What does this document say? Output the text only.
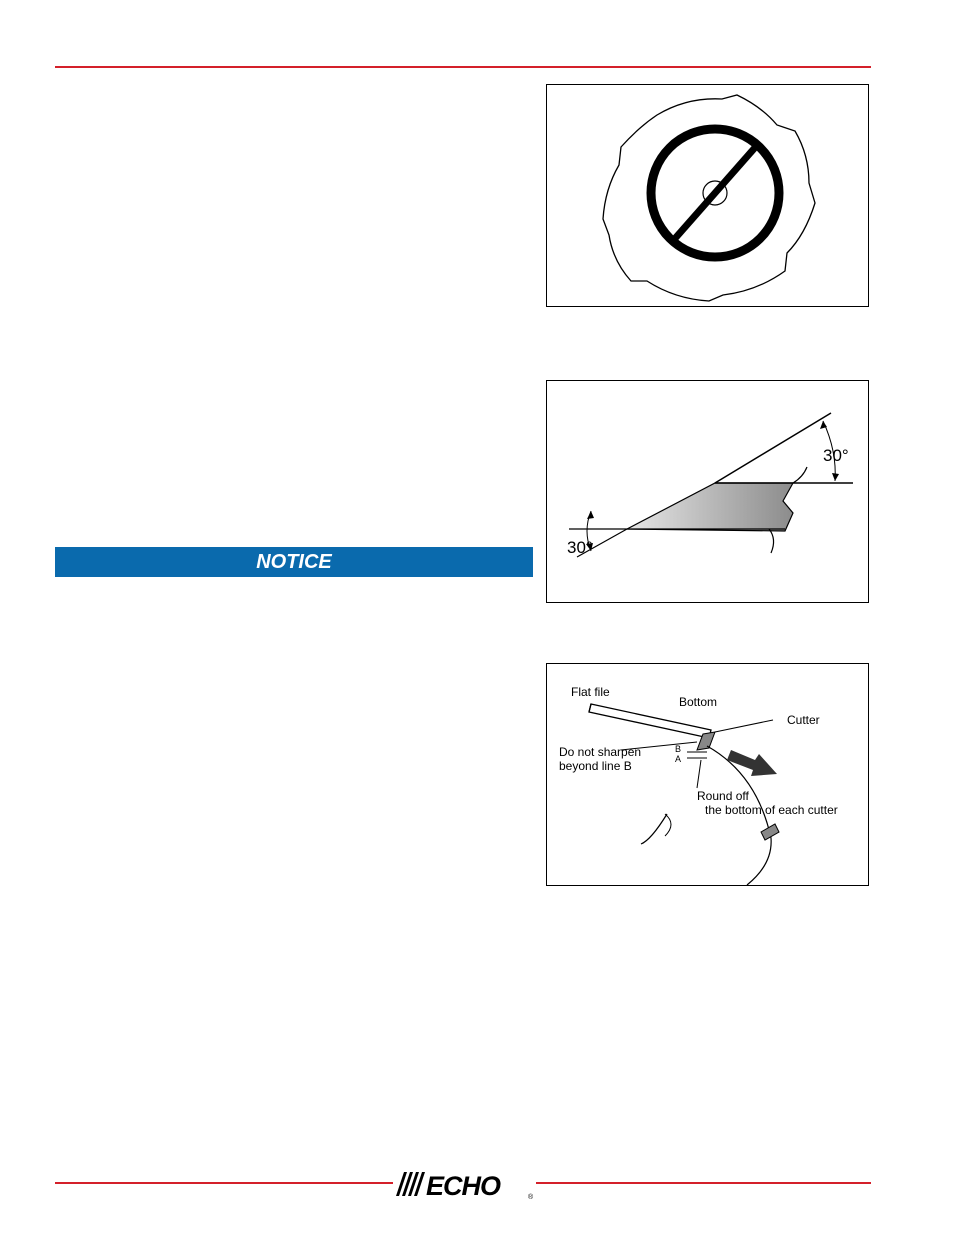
NOTICE
30°
30°
Flat file
Bottom
Cutter
Do not sharpen
beyond line B
B
A
Round off
the bottom of each cutter
ECHO	®
